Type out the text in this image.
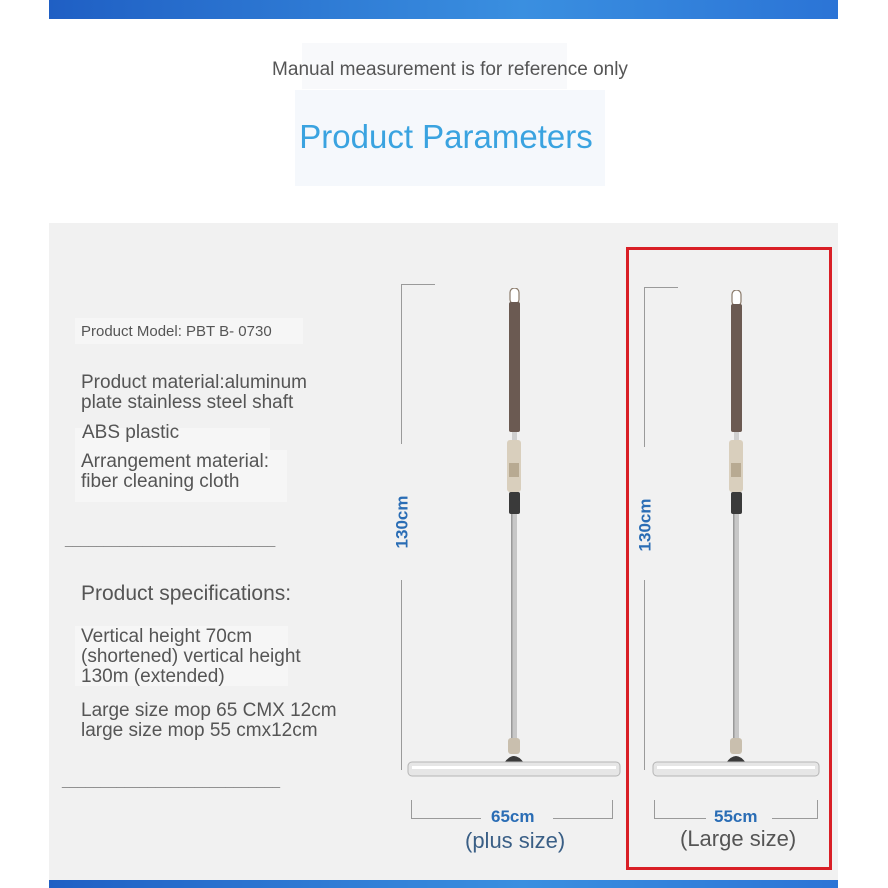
Manual measurement is for reference only
Product Parameters

Product Model: PBT B- 0730

Product material:aluminum

plate stainless steel shaft

ABS plastic

Arrangement material:

fiber cleaning cloth

___________________________

Product specifications:

Vertical height 70cm

(shortened) vertical height

130m (extended)

Large size mop 65 CMX 12cm

large size mop 55 cmx12cm

____________________________
130cm
65cm
(plus size)
130cm
55cm
(Large size)
